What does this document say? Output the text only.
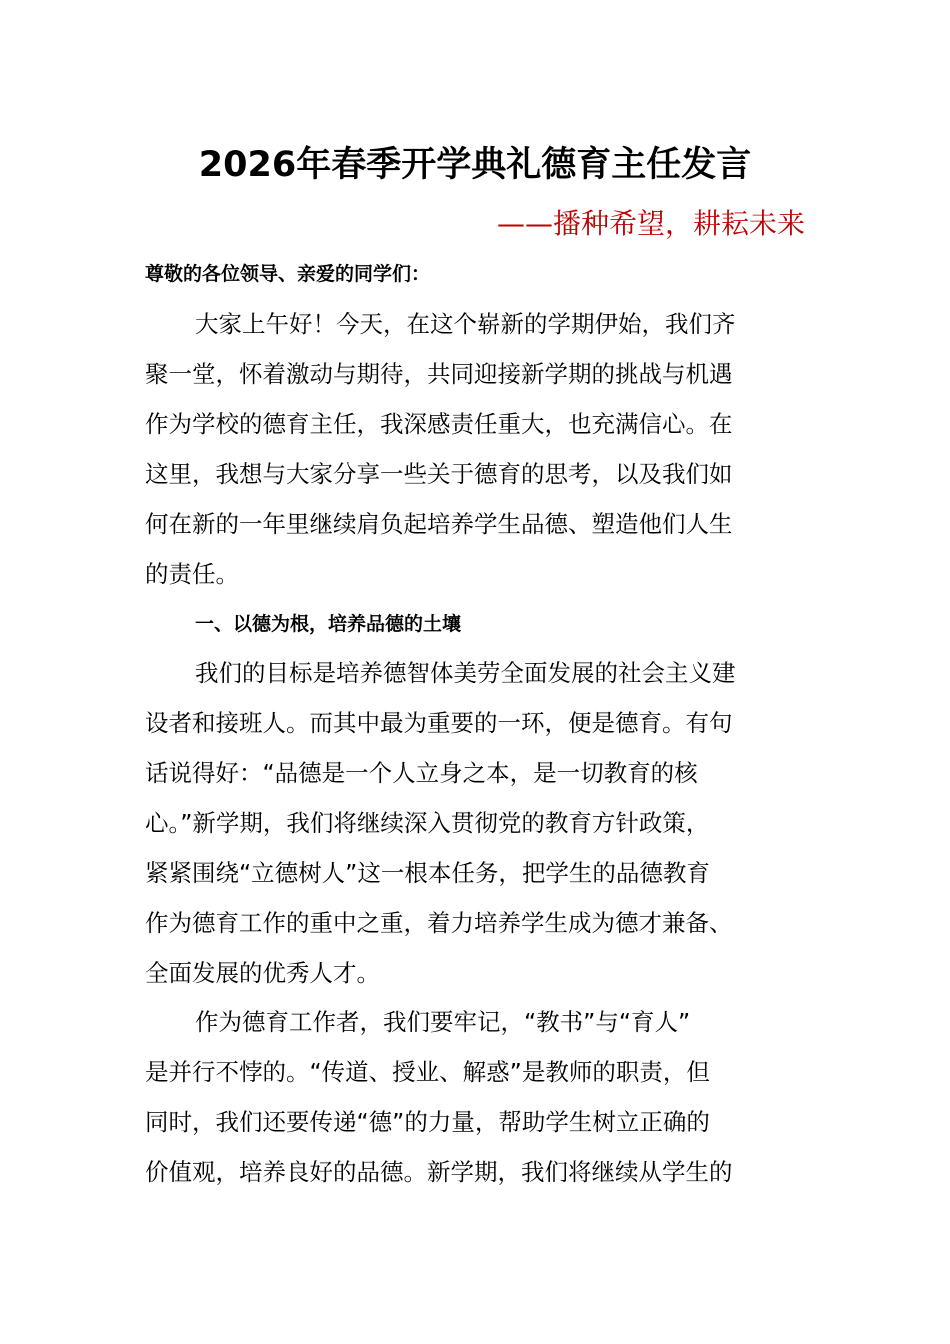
2026年春季开学典礼德育主任发言
——播种希望，耕耘未来
尊敬的各位领导、亲爱的同学们：
大家上午好！今天，在这个崭新的学期伊始，我们齐
聚一堂，怀着激动与期待，共同迎接新学期的挑战与机遇
作为学校的德育主任，我深感责任重大，也充满信心。在
这里，我想与大家分享一些关于德育的思考，以及我们如
何在新的一年里继续肩负起培养学生品德、塑造他们人生
的责任。
一、以德为根，培养品德的土壤
我们的目标是培养德智体美劳全面发展的社会主义建
设者和接班人。而其中最为重要的一环，便是德育。有句
话说得好：“品德是一个人立身之本，是一切教育的核
心。”新学期，我们将继续深入贯彻党的教育方针政策，
紧紧围绕“立德树人”这一根本任务，把学生的品德教育
作为德育工作的重中之重，着力培养学生成为德才兼备、
全面发展的优秀人才。
作为德育工作者，我们要牢记，“教书”与“育人”
是并行不悖的。“传道、授业、解惑”是教师的职责，但
同时，我们还要传递“德”的力量，帮助学生树立正确的
价值观，培养良好的品德。新学期，我们将继续从学生的
